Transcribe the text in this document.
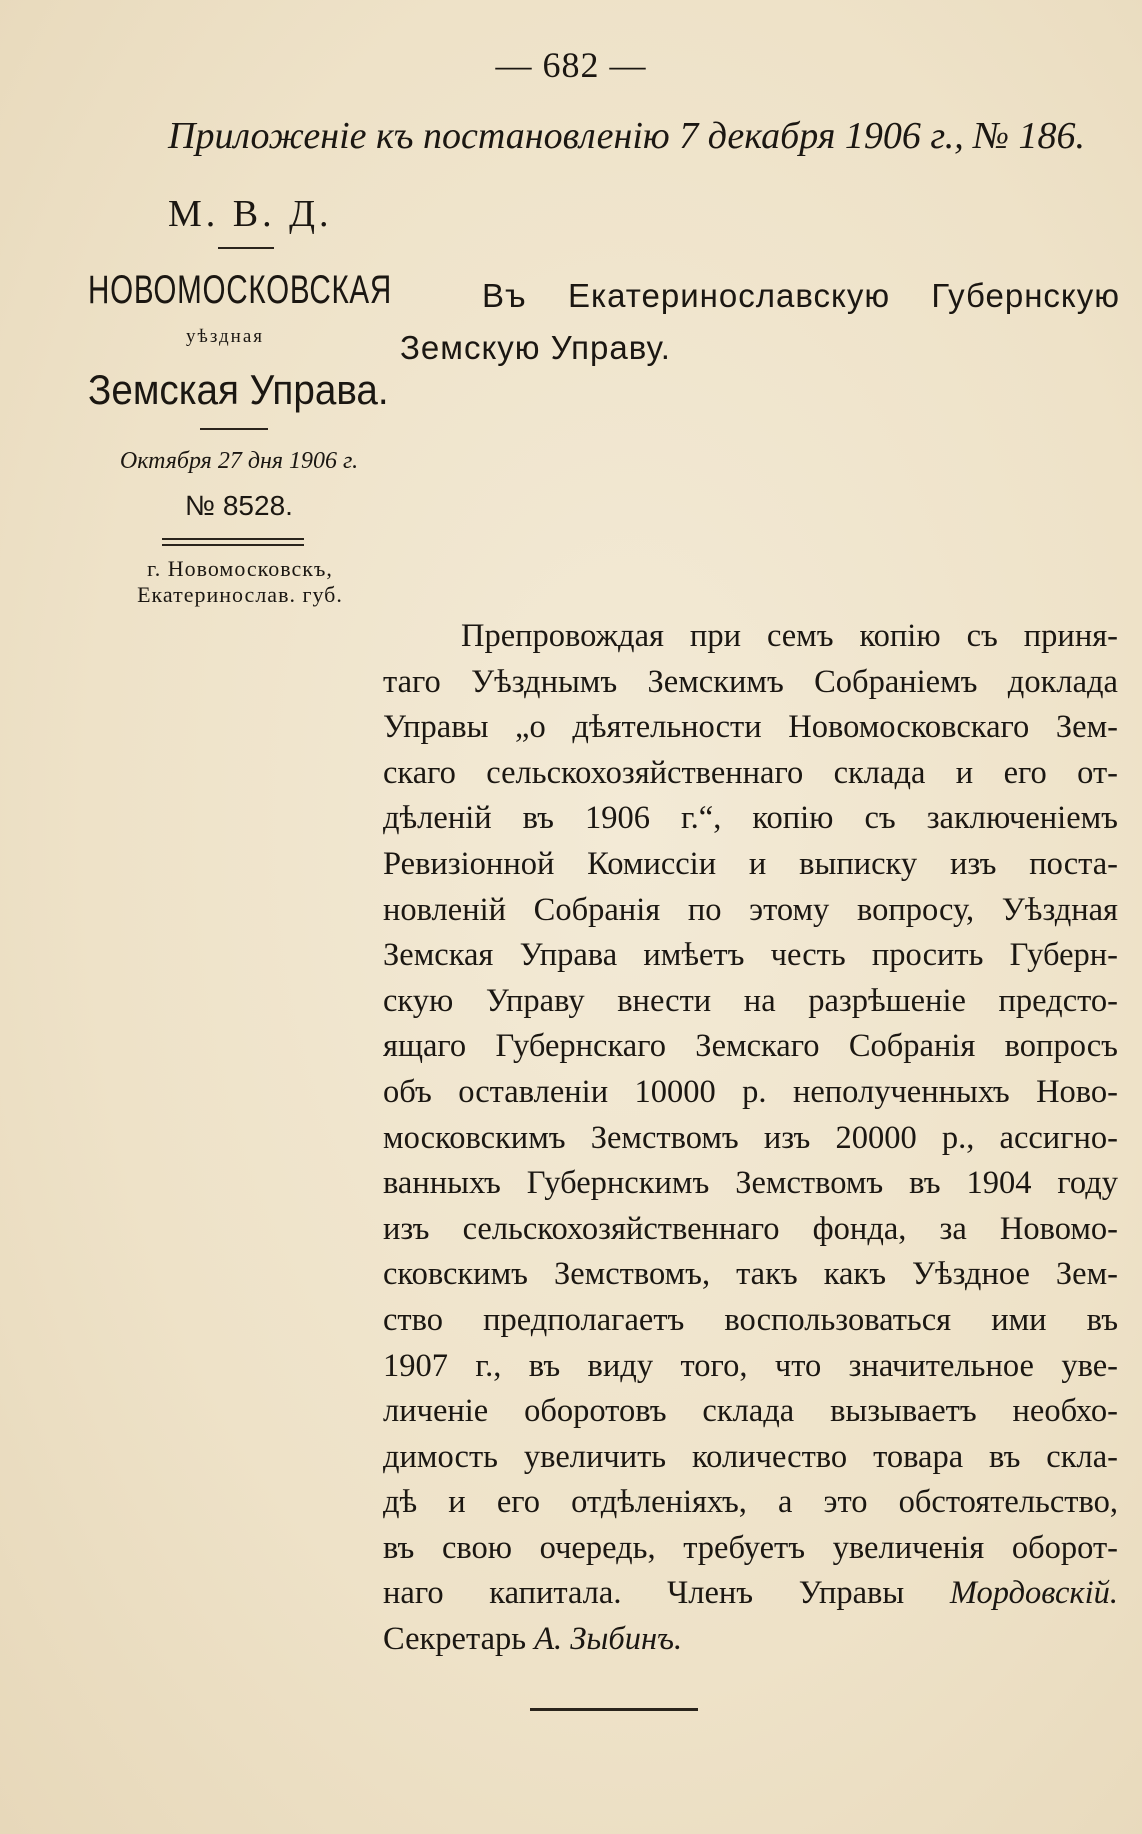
— 682 —
Приложенiе къ постановленiю 7 декабря 1906 г., № 186.
М. В. Д.
НОВОМОСКОВСКАЯ
уѣздная
Земская Управа.
Въ Екатеринославскую Губернскую
Земскую Управу.
Октября 27 дня 1906 г.
№ 8528.
г. Новомосковскъ,
Екатеринослав. губ.
Препровождая при семъ копiю съ приня-
таго Уѣзднымъ Земскимъ Собранiемъ доклада
Управы „о дѣятельности Новомосковскаго Зем-
скаго сельскохозяйственнаго склада и его от-
дѣленiй въ 1906 г.“, копiю съ заключенiемъ
Ревизiонной Комиссiи и выписку изъ поста-
новленiй Собранiя по этому вопросу, Уѣздная
Земская Управа имѣетъ честь просить Губерн-
скую Управу внести на разрѣшенiе предсто-
ящаго Губернскаго Земскаго Собранiя вопросъ
объ оставленiи 10000 р. неполученныхъ Ново-
московскимъ Земствомъ изъ 20000 р., ассигно-
ванныхъ Губернскимъ Земствомъ въ 1904 году
изъ сельскохозяйственнаго фонда, за Новомо-
сковскимъ Земствомъ, такъ какъ Уѣздное Зем-
ство предполагаетъ воспользоваться ими въ
1907 г., въ виду того, что значительное уве-
личенiе оборотовъ склада вызываетъ необхо-
димость увеличить количество товара въ скла-
дѣ и его отдѣленiяхъ, а это обстоятельство,
въ свою очередь, требуетъ увеличенiя оборот-
наго капитала. Членъ Управы Мордовскiй.
Секретарь А. Зыбинъ.
